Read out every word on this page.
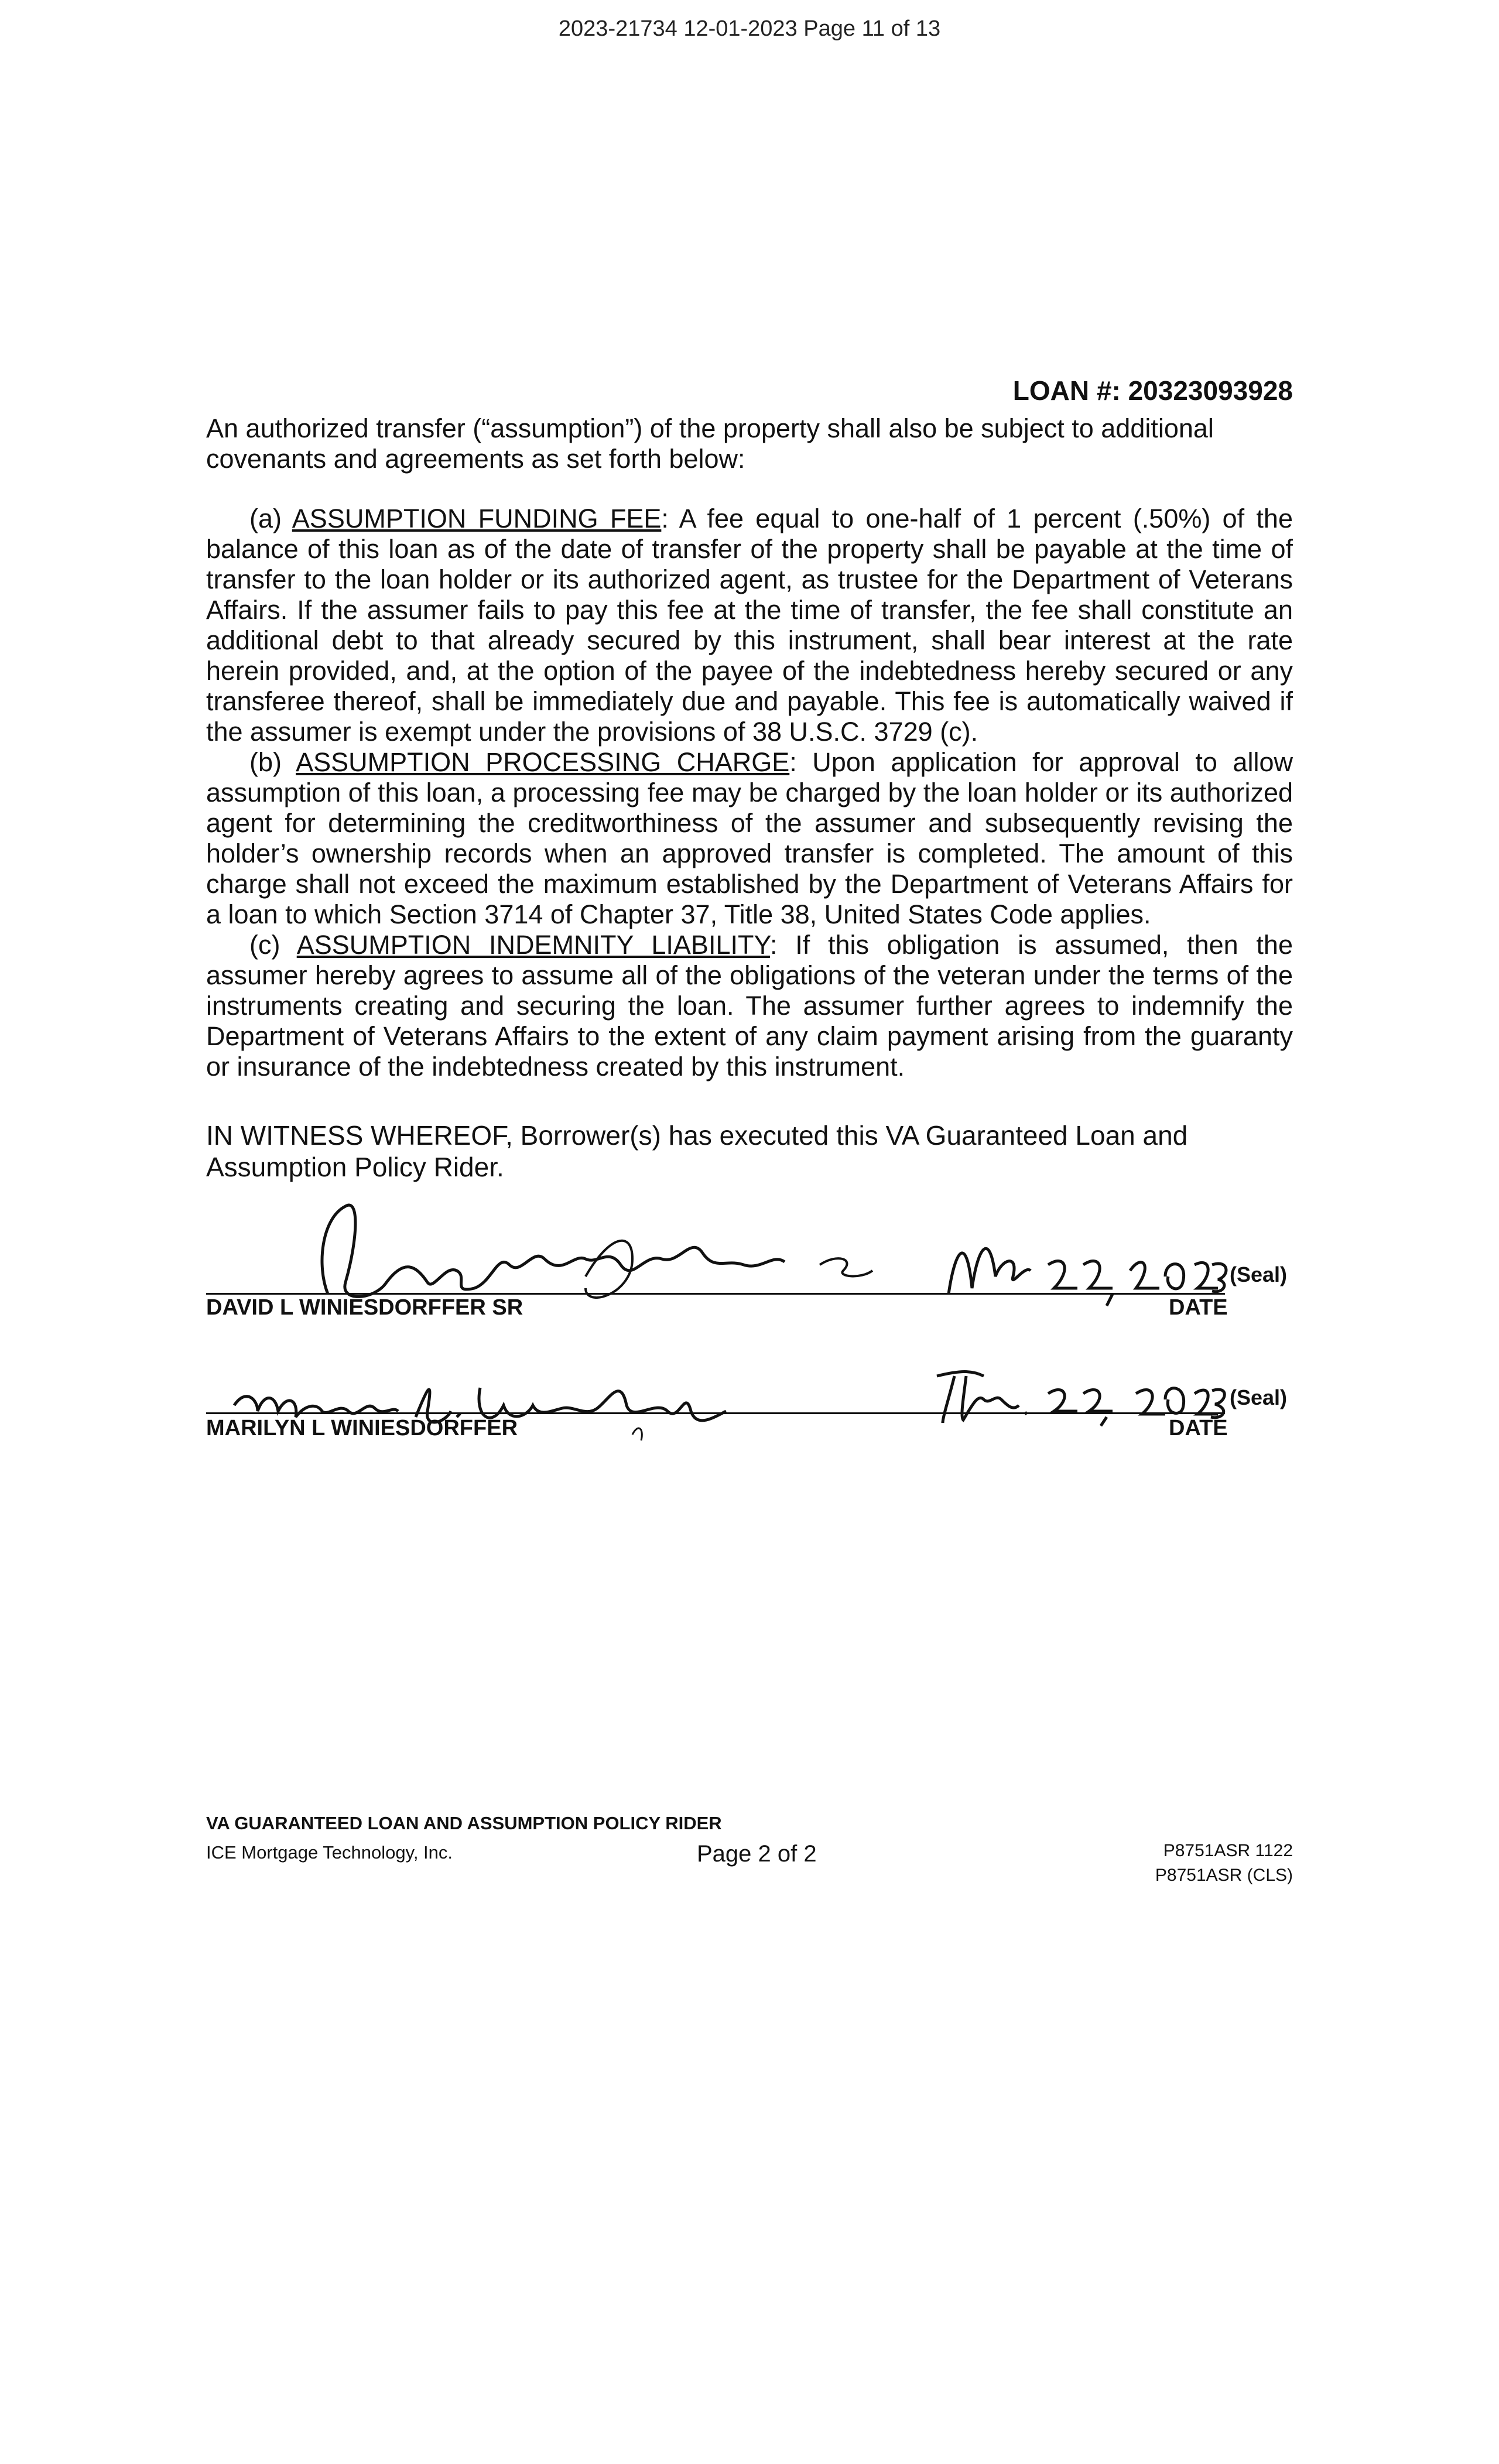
2023-21734 12-01-2023 Page 11 of 13
LOAN #: 20323093928
An authorized transfer (“assumption”) of the property shall also be subject to additional covenants and agreements as set forth below:

(a) ASSUMPTION FUNDING FEE: A fee equal to one-half of 1 percent (.50%) of the balance of this loan as of the date of transfer of the property shall be payable at the time of transfer to the loan holder or its authorized agent, as trustee for the Department of Veterans Affairs. If the assumer fails to pay this fee at the time of transfer, the fee shall constitute an additional debt to that already secured by this instrument, shall bear interest at the rate herein provided, and, at the option of the payee of the indebtedness hereby secured or any transferee thereof, shall be immediately due and payable. This fee is automatically waived if the assumer is exempt under the provisions of 38 U.S.C. 3729 (c).

(b) ASSUMPTION PROCESSING CHARGE: Upon application for approval to allow assumption of this loan, a processing fee may be charged by the loan holder or its authorized agent for determining the creditworthiness of the assumer and subsequently revising the holder’s ownership records when an approved transfer is completed. The amount of this charge shall not exceed the maximum established by the Department of Veterans Affairs for a loan to which Section 3714 of Chapter 37, Title 38, United States Code applies.

(c) ASSUMPTION INDEMNITY LIABILITY: If this obligation is assumed, then the assumer hereby agrees to assume all of the obligations of the veteran under the terms of the instruments creating and securing the loan. The assumer further agrees to indemnify the Department of Veterans Affairs to the extent of any claim payment arising from the guaranty or insurance of the indebtedness created by this instrument.

IN WITNESS WHEREOF, Borrower(s) has executed this VA Guaranteed Loan and Assumption Policy Rider.
(Seal)
DAVID L WINIESDORFFER SR	DATE
(Seal)
MARILYN L WINIESDORFFER	DATE
VA GUARANTEED LOAN AND ASSUMPTION POLICY RIDER
ICE Mortgage Technology, Inc.	Page 2 of 2	P8751ASR 1122
P8751ASR (CLS)
